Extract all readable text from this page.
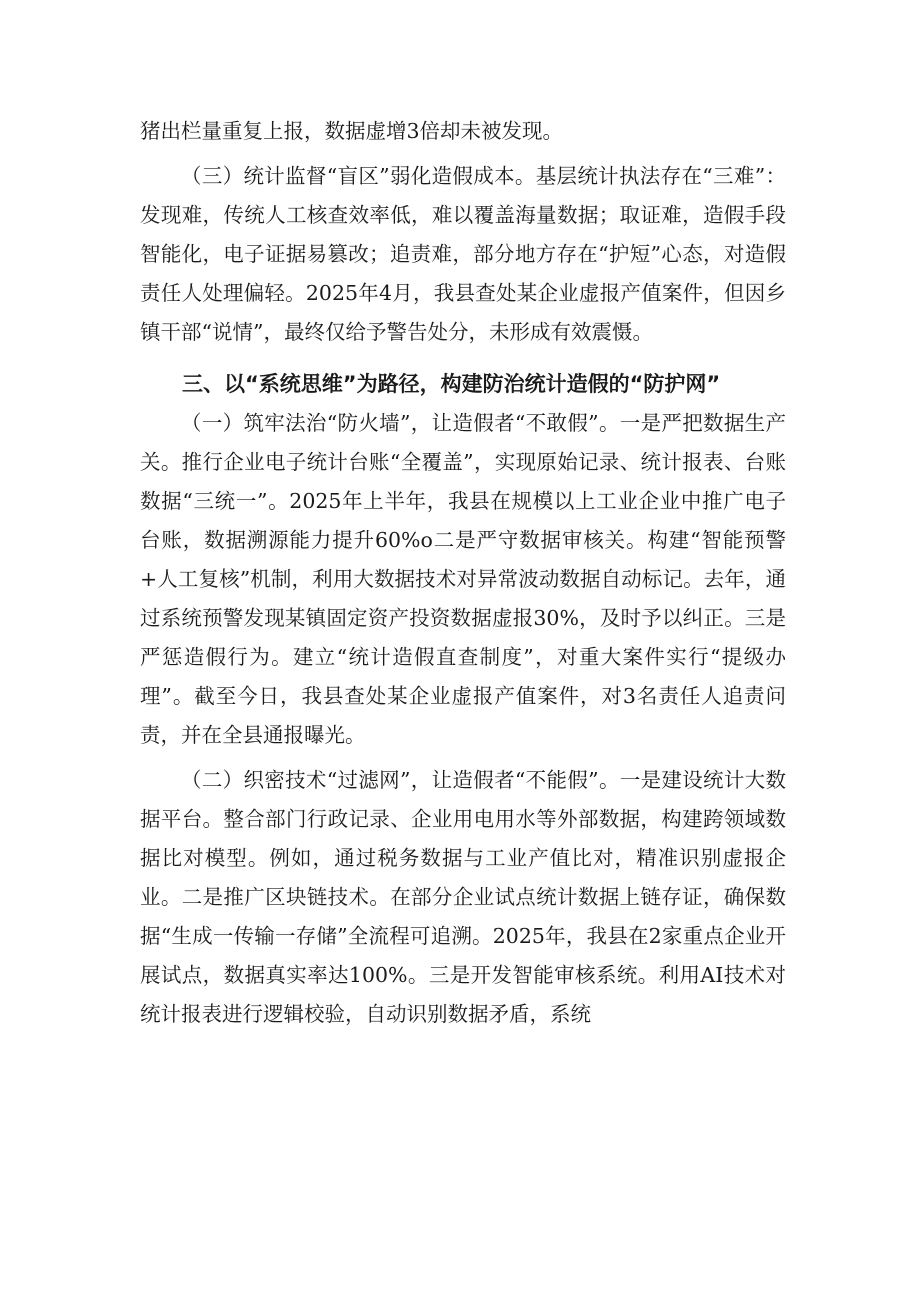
猪出栏量重复上报，数据虚增3倍却未被发现。

（三）统计监督“盲区”弱化造假成本。基层统计执法存在“三难”：发现难，传统人工核查效率低，难以覆盖海量数据；取证难，造假手段智能化，电子证据易篡改；追责难，部分地方存在“护短”心态，对造假责任人处理偏轻。2025年4月，我县查处某企业虚报产值案件，但因乡镇干部“说情”，最终仅给予警告处分，未形成有效震慑。

三、以“系统思维”为路径，构建防治统计造假的“防护网”

（一）筑牢法治“防火墙”，让造假者“不敢假”。一是严把数据生产关。推行企业电子统计台账“全覆盖”，实现原始记录、统计报表、台账数据“三统一”。2025年上半年，我县在规模以上工业企业中推广电子台账，数据溯源能力提升60%o二是严守数据审核关。构建“智能预警+人工复核”机制，利用大数据技术对异常波动数据自动标记。去年，通过系统预警发现某镇固定资产投资数据虚报30%，及时予以纠正。三是严惩造假行为。建立“统计造假直查制度”，对重大案件实行“提级办理”。截至今日，我县查处某企业虚报产值案件，对3名责任人追责问责，并在全县通报曝光。

（二）织密技术“过滤网”，让造假者“不能假”。一是建设统计大数据平台。整合部门行政记录、企业用电用水等外部数据，构建跨领域数据比对模型。例如，通过税务数据与工业产值比对，精准识别虚报企业。二是推广区块链技术。在部分企业试点统计数据上链存证，确保数据“生成一传输一存储”全流程可追溯。2025年，我县在2家重点企业开展试点，数据真实率达100%。三是开发智能审核系统。利用AI技术对统计报表进行逻辑校验，自动识别数据矛盾，系统
